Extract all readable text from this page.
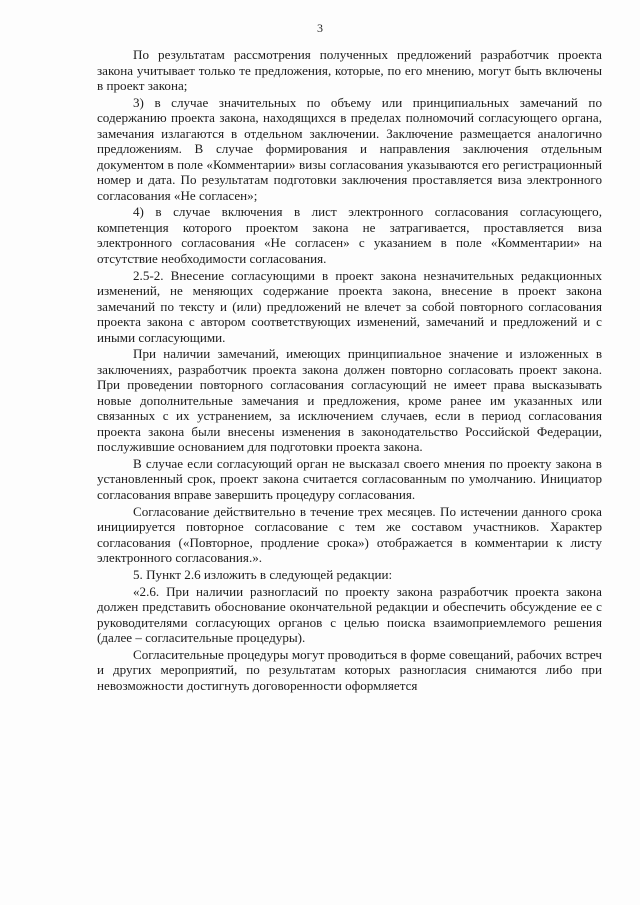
3

По результатам рассмотрения полученных предложений разработчик проекта закона учитывает только те предложения, которые, по его мнению, могут быть включены в проект закона;

3) в случае значительных по объему или принципиальных замечаний по содержанию проекта закона, находящихся в пределах полномочий согласующего органа, замечания излагаются в отдельном заключении. Заключение размещается аналогично предложениям. В случае формирования и направления заключения отдельным документом в поле «Комментарии» визы согласования указываются его регистрационный номер и дата. По результатам подготовки заключения проставляется виза электронного согласования «Не согласен»;

4) в случае включения в лист электронного согласования согласующего, компетенция которого проектом закона не затрагивается, проставляется виза электронного согласования «Не согласен» с указанием в поле «Комментарии» на отсутствие необходимости согласования.

2.5-2. Внесение согласующими в проект закона незначительных редакционных изменений, не меняющих содержание проекта закона, внесение в проект закона замечаний по тексту и (или) предложений не влечет за собой повторного согласования проекта закона с автором соответствующих изменений, замечаний и предложений и с иными согласующими.

При наличии замечаний, имеющих принципиальное значение и изложенных в заключениях, разработчик проекта закона должен повторно согласовать проект закона. При проведении повторного согласования согласующий не имеет права высказывать новые дополнительные замечания и предложения, кроме ранее им указанных или связанных с их устранением, за исключением случаев, если в период согласования проекта закона были внесены изменения в законодательство Российской Федерации, послужившие основанием для подготовки проекта закона.

В случае если согласующий орган не высказал своего мнения по проекту закона в установленный срок, проект закона считается согласованным по умолчанию. Инициатор согласования вправе завершить процедуру согласования.

Согласование действительно в течение трех месяцев. По истечении данного срока инициируется повторное согласование с тем же составом участников. Характер согласования («Повторное, продление срока») отображается в комментарии к листу электронного согласования.».

5. Пункт 2.6 изложить в следующей редакции:

«2.6. При наличии разногласий по проекту закона разработчик проекта закона должен представить обоснование окончательной редакции и обеспечить обсуждение ее с руководителями согласующих органов с целью поиска взаимоприемлемого решения (далее – согласительные процедуры).

Согласительные процедуры могут проводиться в форме совещаний, рабочих встреч и других мероприятий, по результатам которых разногласия снимаются либо при невозможности достигнуть договоренности оформляется
